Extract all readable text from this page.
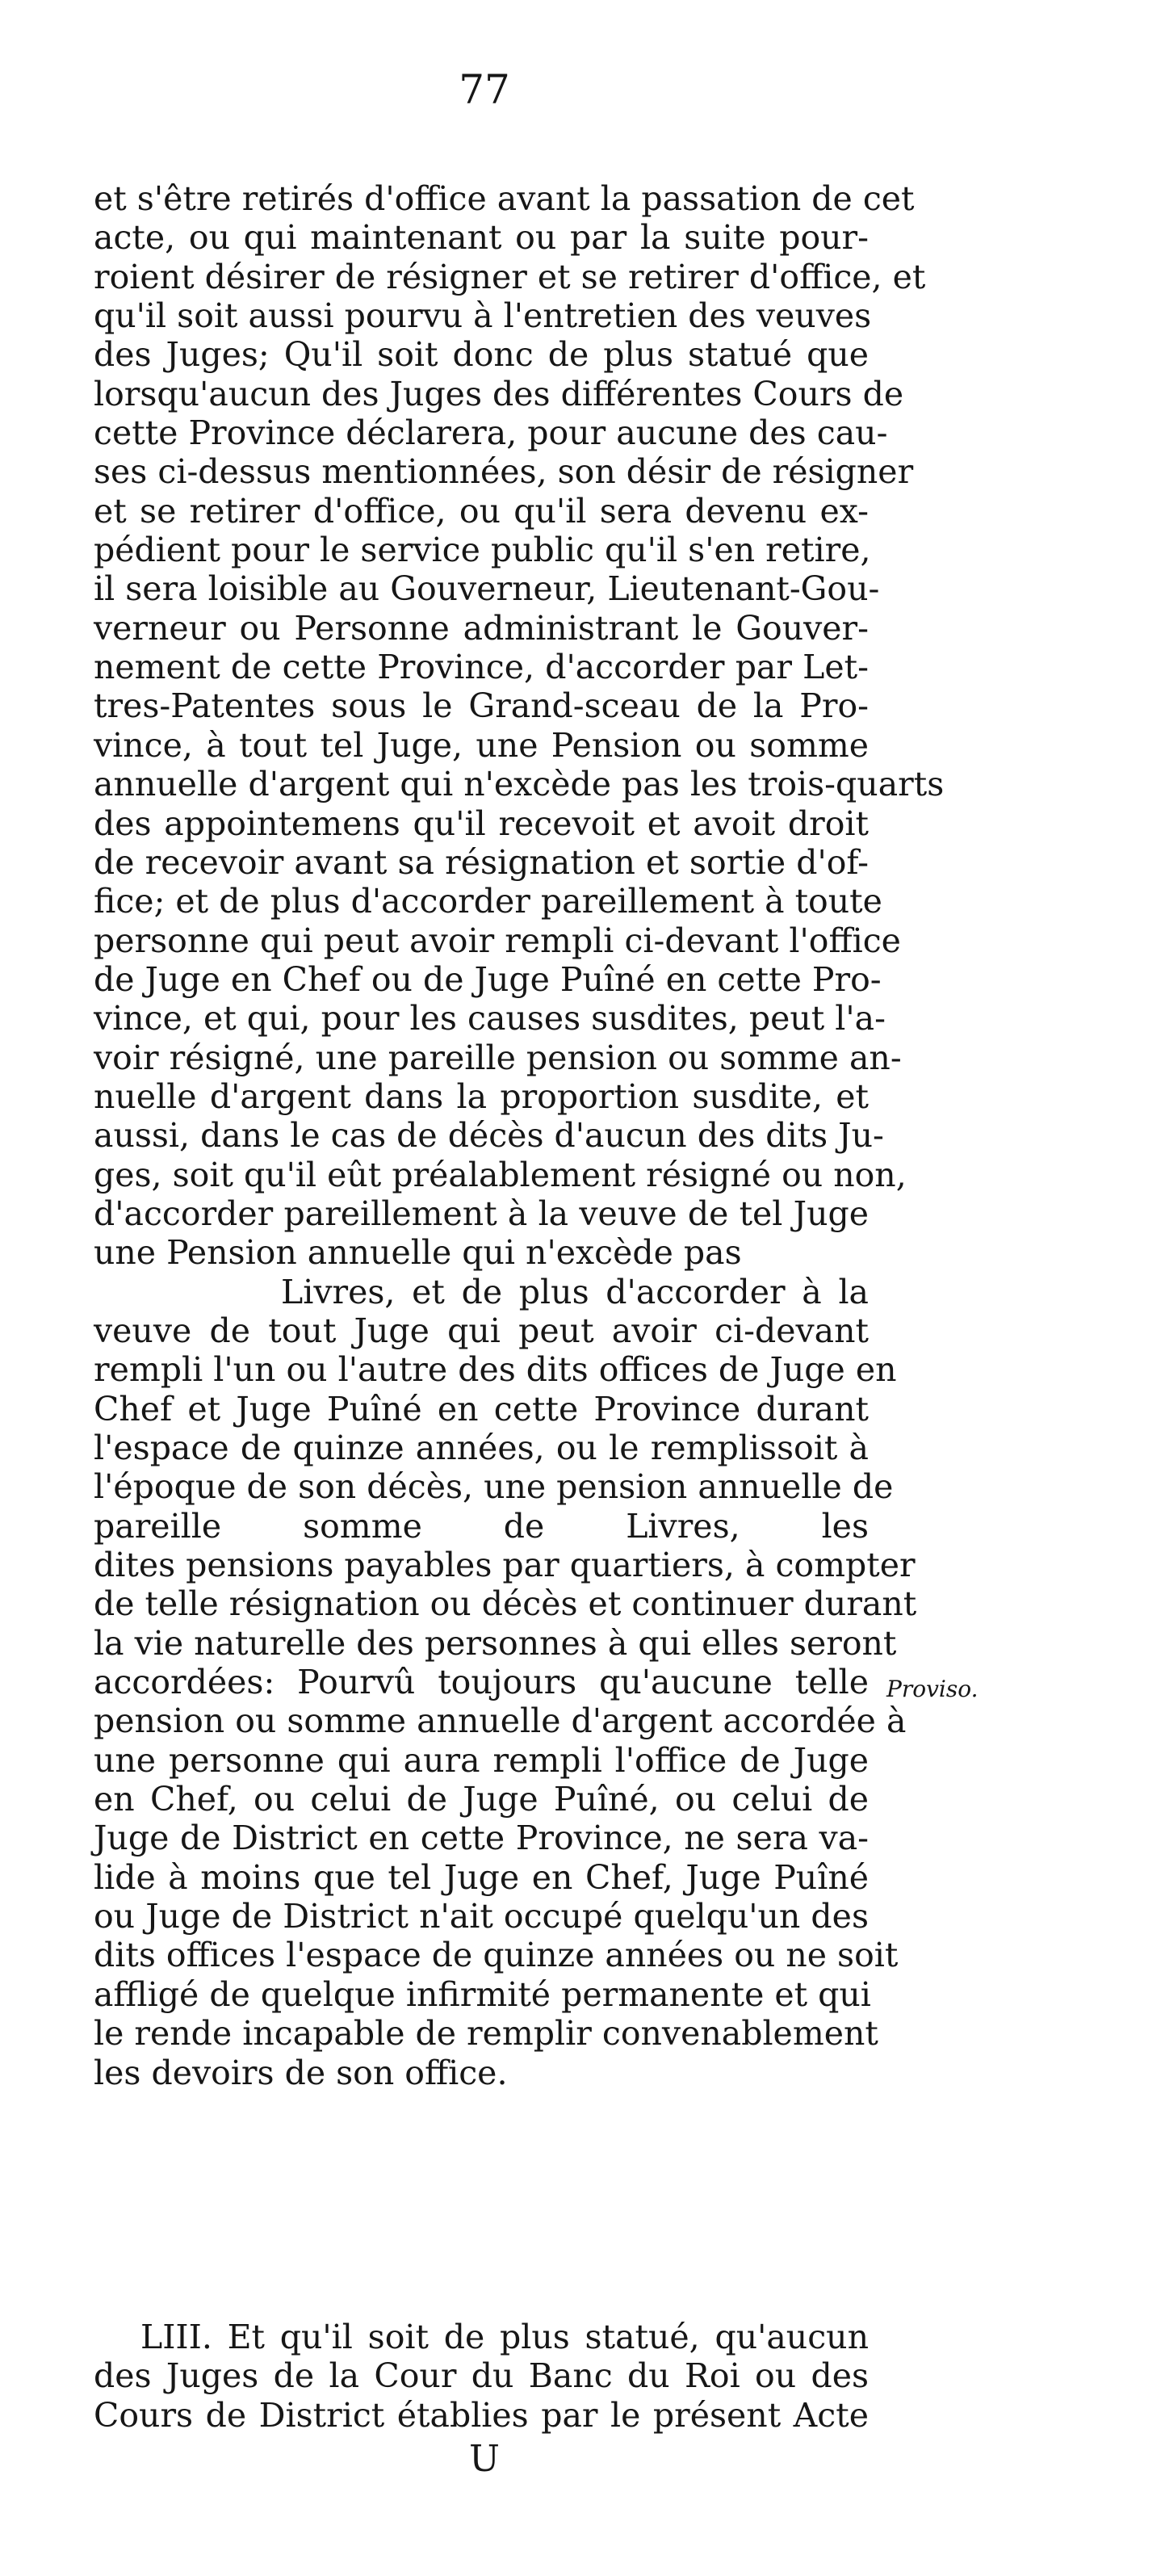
77
et s'être retirés d'office avant la passation de cet
acte, ou qui maintenant ou par la suite pour-
roient désirer de résigner et se retirer d'office, et
qu'il soit aussi pourvu à l'entretien des veuves
des Juges; Qu'il soit donc de plus statué que
lorsqu'aucun des Juges des différentes Cours de
cette Province déclarera, pour aucune des cau-
ses ci-dessus mentionnées, son désir de résigner
et se retirer d'office, ou qu'il sera devenu ex-
pédient pour le service public qu'il s'en retire,
il sera loisible au Gouverneur, Lieutenant-Gou-
verneur ou Personne administrant le Gouver-
nement de cette Province, d'accorder par Let-
tres-Patentes sous le Grand-sceau de la Pro-
vince, à tout tel Juge, une Pension ou somme
annuelle d'argent qui n'excède pas les trois-quarts
des appointemens qu'il recevoit et avoit droit
de recevoir avant sa résignation et sortie d'of-
fice; et de plus d'accorder pareillement à toute
personne qui peut avoir rempli ci-devant l'office
de Juge en Chef ou de Juge Puîné en cette Pro-
vince, et qui, pour les causes susdites, peut l'a-
voir résigné, une pareille pension ou somme an-
nuelle d'argent dans la proportion susdite, et
aussi, dans le cas de décès d'aucun des dits Ju-
ges, soit qu'il eût préalablement résigné ou non,
d'accorder pareillement à la veuve de tel Juge
une Pension annuelle qui n'excède pas
Livres, et de plus d'accorder à la
veuve de tout Juge qui peut avoir ci-devant
rempli l'un ou l'autre des dits offices de Juge en
Chef et Juge Puîné en cette Province durant
l'espace de quinze années, ou le remplissoit à
l'époque de son décès, une pension annuelle de
pareille somme de Livres, les
dites pensions payables par quartiers, à compter
de telle résignation ou décès et continuer durant
la vie naturelle des personnes à qui elles seront
accordées: Pourvû toujours qu'aucune telle
pension ou somme annuelle d'argent accordée à
une personne qui aura rempli l'office de Juge
en Chef, ou celui de Juge Puîné, ou celui de
Juge de District en cette Province, ne sera va-
lide à moins que tel Juge en Chef, Juge Puîné
ou Juge de District n'ait occupé quelqu'un des
dits offices l'espace de quinze années ou ne soit
affligé de quelque infirmité permanente et qui
le rende incapable de remplir convenablement
les devoirs de son office.
Proviso.
LIII. Et qu'il soit de plus statué, qu'aucun
des Juges de la Cour du Banc du Roi ou des
Cours de District établies par le présent Acte
U
